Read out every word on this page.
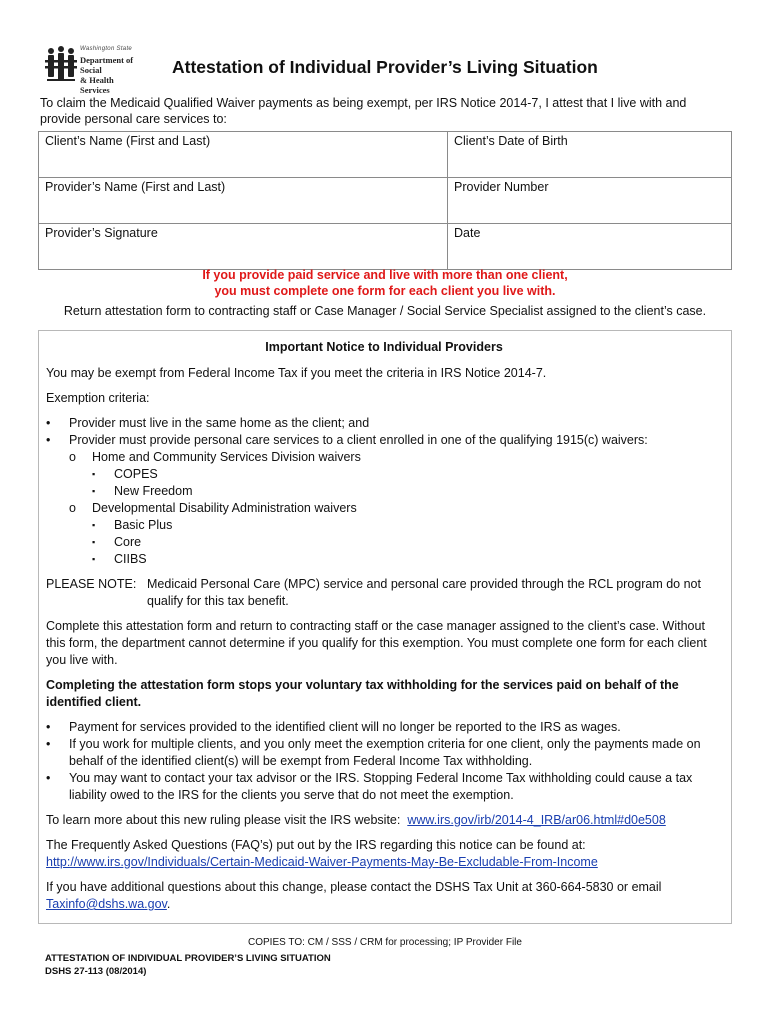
Washington State
Department of Social
& Health Services
Attestation of Individual Provider’s Living Situation
To claim the Medicaid Qualified Waiver payments as being exempt, per IRS Notice 2014-7, I attest that I live with and provide personal care services to:
Client’s Name (First and Last)	Client’s Date of Birth
Provider’s Name (First and Last)	Provider Number
Provider’s Signature	Date
If you provide paid service and live with more than one client,
you must complete one form for each client you live with.
Return attestation form to contracting staff or Case Manager / Social Service Specialist assigned to the client’s case.
Important Notice to Individual Providers

You may be exempt from Federal Income Tax if you meet the criteria in IRS Notice 2014-7.

Exemption criteria:

• Provider must live in the same home as the client; and

• Provider must provide personal care services to a client enrolled in one of the qualifying 1915(c) waivers:

o Home and Community Services Division waivers

▪ COPES

▪ New Freedom

o Developmental Disability Administration waivers

▪ Basic Plus

▪ Core

▪ CIIBS

PLEASE NOTE: Medicaid Personal Care (MPC) service and personal care provided through the RCL program do not qualify for this tax benefit.

Complete this attestation form and return to contracting staff or the case manager assigned to the client’s case. Without this form, the department cannot determine if you qualify for this exemption. You must complete one form for each client you live with.

Completing the attestation form stops your voluntary tax withholding for the services paid on behalf of the identified client.

• Payment for services provided to the identified client will no longer be reported to the IRS as wages.

• If you work for multiple clients, and you only meet the exemption criteria for one client, only the payments made on behalf of the identified client(s) will be exempt from Federal Income Tax withholding.

• You may want to contact your tax advisor or the IRS. Stopping Federal Income Tax withholding could cause a tax liability owed to the IRS for the clients you serve that do not meet the exemption.

To learn more about this new ruling please visit the IRS website: www.irs.gov/irb/2014-4_IRB/ar06.html#d0e508

The Frequently Asked Questions (FAQ’s) put out by the IRS regarding this notice can be found at:
http://www.irs.gov/Individuals/Certain-Medicaid-Waiver-Payments-May-Be-Excludable-From-Income

If you have additional questions about this change, please contact the DSHS Tax Unit at 360-664-5830 or email
Taxinfo@dshs.wa.gov.

COPIES TO: CM / SSS / CRM for processing; IP Provider File
ATTESTATION OF INDIVIDUAL PROVIDER’S LIVING SITUATION
DSHS 27-113 (08/2014)
